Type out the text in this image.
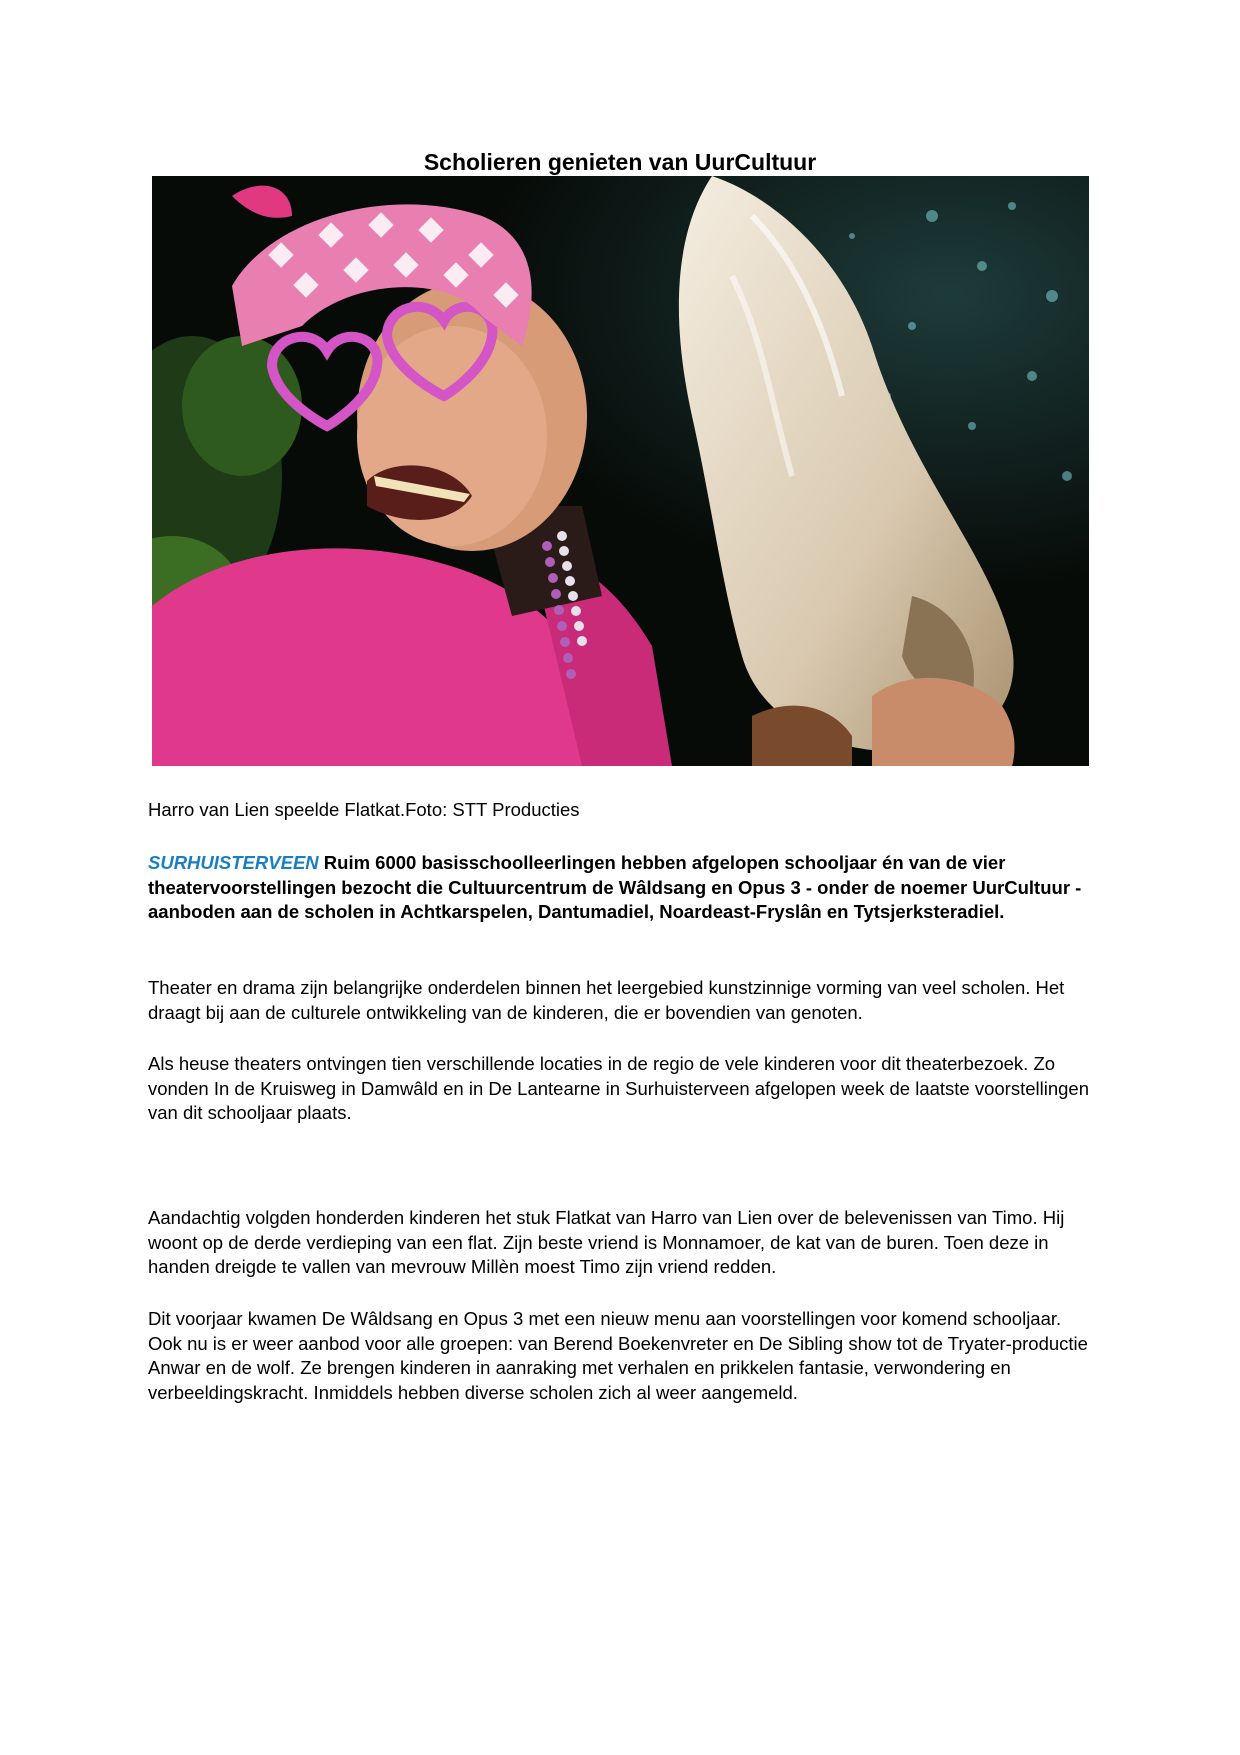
Scholieren genieten van UurCultuur

Harro van Lien speelde Flatkat.Foto: STT Producties

SURHUISTERVEEN Ruim 6000 basisschoolleerlingen hebben afgelopen schooljaar én van de vier theatervoorstellingen bezocht die Cultuurcentrum de Wâldsang en Opus 3 - onder de noemer UurCultuur - aanboden aan de scholen in Achtkarspelen, Dantumadiel, Noardeast-Fryslân en Tytsjerksteradiel.

Theater en drama zijn belangrijke onderdelen binnen het leergebied kunstzinnige vorming van veel scholen. Het draagt bij aan de culturele ontwikkeling van de kinderen, die er bovendien van genoten.

Als heuse theaters ontvingen tien verschillende locaties in de regio de vele kinderen voor dit theaterbezoek. Zo vonden In de Kruisweg in Damwâld en in De Lantearne in Surhuisterveen afgelopen week de laatste voorstellingen van dit schooljaar plaats.

Aandachtig volgden honderden kinderen het stuk Flatkat van Harro van Lien over de belevenissen van Timo. Hij woont op de derde verdieping van een flat. Zijn beste vriend is Monnamoer, de kat van de buren. Toen deze in handen dreigde te vallen van mevrouw Millèn moest Timo zijn vriend redden.

Dit voorjaar kwamen De Wâldsang en Opus 3 met een nieuw menu aan voorstellingen voor komend schooljaar. Ook nu is er weer aanbod voor alle groepen: van Berend Boekenvreter en De Sibling show tot de Tryater-productie Anwar en de wolf. Ze brengen kinderen in aanraking met verhalen en prikkelen fantasie, verwondering en verbeeldingskracht. Inmiddels hebben diverse scholen zich al weer aangemeld.
